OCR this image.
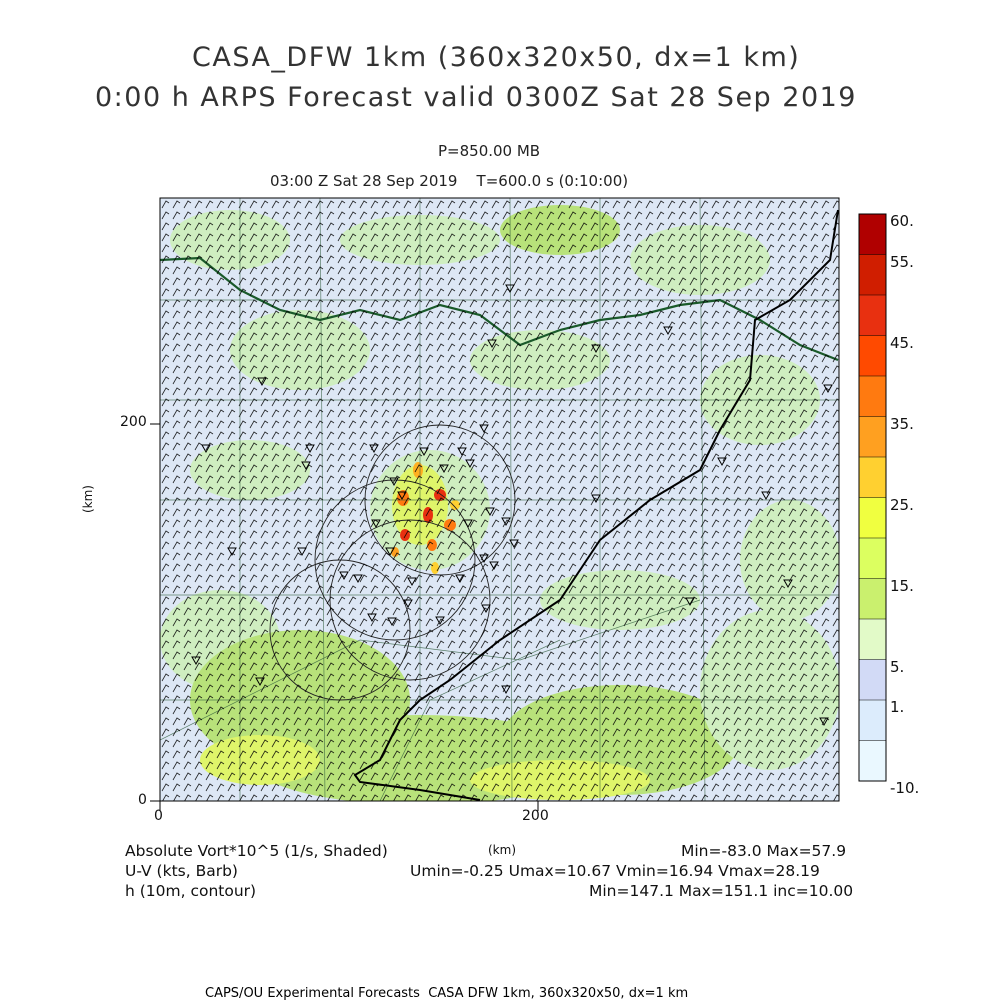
CASA_DFW 1km (360x320x50, dx=1 km)
0:00 h ARPS Forecast valid 0300Z Sat 28 Sep 2019
P=850.00 MB
03:00 Z Sat 28 Sep 2019    T=600.0 s (0:10:00)
200
0
0	200
(km)
(km)
60.
55.
45.
35.
25.
15.
5.
1.
-10.
Absolute Vort*10^5 (1/s, Shaded)	Min=-83.0 Max=57.9
U-V (kts, Barb)	Umin=-0.25 Umax=10.67 Vmin=16.94 Vmax=28.19
h (10m, contour)	Min=147.1 Max=151.1 inc=10.00
CAPS/OU Experimental Forecasts  CASA DFW 1km, 360x320x50, dx=1 km
